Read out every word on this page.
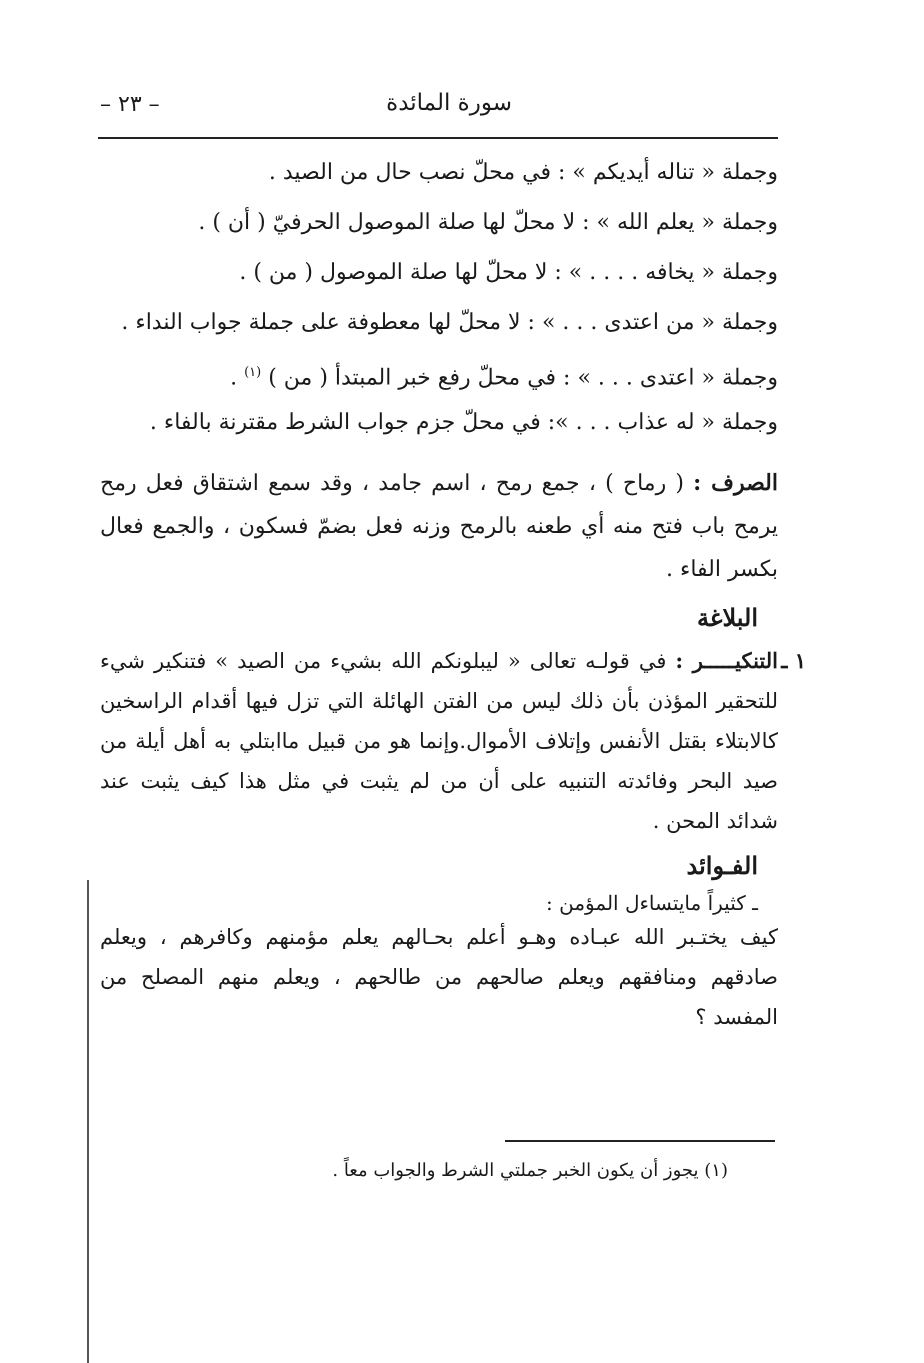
سورة المائدة
– ٢٣ –
وجملة « تناله أيديكم » : في محلّ نصب حال من الصيد .
وجملة « يعلم الله » : لا محلّ لها صلة الموصول الحرفيّ ( أن ) .
وجملة « يخافه . . . . » : لا محلّ لها صلة الموصول ( من ) .
وجملة « من اعتدى . . . » : لا محلّ لها معطوفة على جملة جواب النداء .
وجملة « اعتدى . . . » : في محلّ رفع خبر المبتدأ ( من ) $^{(١)}$ .
وجملة « له عذاب . . . »: في محلّ جزم جواب الشرط مقترنة بالفاء .
الصرف : ( رماح ) ، جمع رمح ، اسم جامد ، وقد سمع اشتقاق فعل رمح يرمح باب فتح منه أي طعنه بالرمح وزنه فعل بضمّ فسكون ، والجمع فعال بكسر الفاء .
البلاغة
١ ـ
التنكيـــــر : في قولـه تعالى « ليبلونكم الله بشيء من الصيد » فتنكير شيء للتحقير المؤذن بأن ذلك ليس من الفتن الهائلة التي تزل فيها أقدام الراسخين كالابتلاء بقتل الأنفس وإتلاف الأموال.وإنما هو من قبيل ماابتلي به أهل أيلة من صيد البحر وفائدته التنبيه على أن من لم يثبت في مثل هذا كيف يثبت عند شدائد المحن .
الفـوائد
ـ كثيراً مايتساءل المؤمن :
كيف يختـبر الله عبـاده وهـو أعلم بحـالهم يعلم مؤمنهم وكافرهم ، ويعلم صادقهم ومنافقهم ويعلم صالحهم من طالحهم ، ويعلم منهم المصلح من المفسد ؟
(١) يجوز أن يكون الخبر جملتي الشرط والجواب معاً .
